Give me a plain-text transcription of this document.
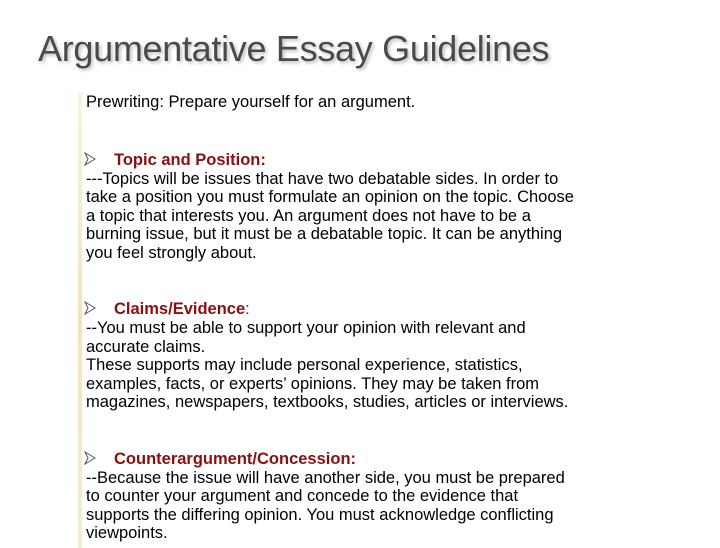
Argumentative Essay Guidelines

Prewriting: Prepare yourself for an argument.

Topic and Position:

---Topics will be issues that have two debatable sides. In order to
take a position you must formulate an opinion on the topic. Choose
a topic that interests you. An argument does not have to be a
burning issue, but it must be a debatable topic. It can be anything
you feel strongly about.

Claims/Evidence:

--You must be able to support your opinion with relevant and
accurate claims.
These supports may include personal experience, statistics,
examples, facts, or experts’ opinions. They may be taken from
magazines, newspapers, textbooks, studies, articles or interviews.

Counterargument/Concession:

--Because the issue will have another side, you must be prepared
to counter your argument and concede to the evidence that
supports the differing opinion. You must acknowledge conflicting
viewpoints.
